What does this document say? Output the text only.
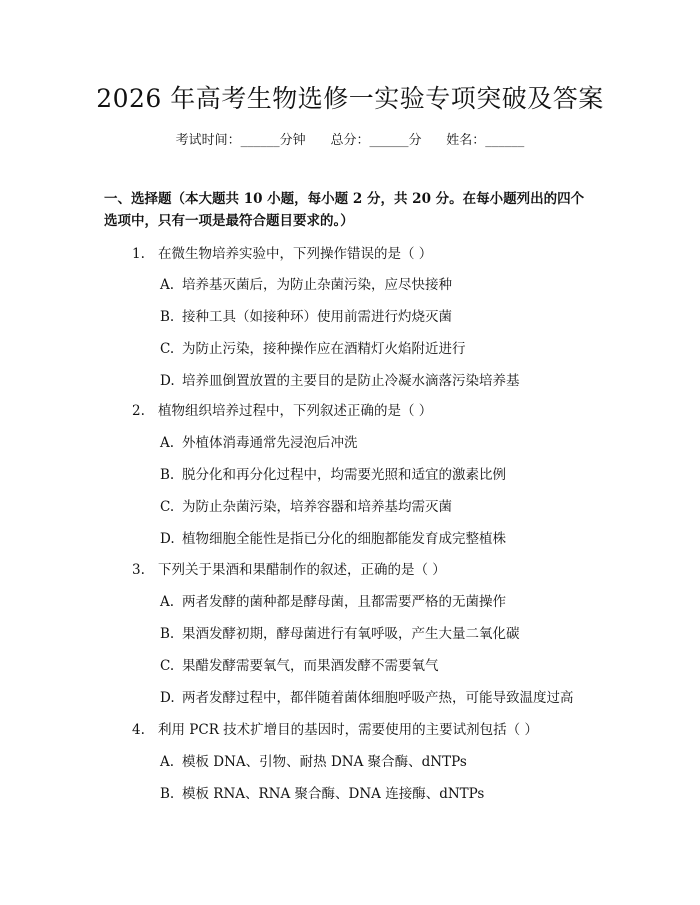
2026 年高考生物选修一实验专项突破及答案
考试时间：______分钟 总分：______分 姓名：______

一、选择题（本大题共 10 小题，每小题 2 分，共 20 分。在每小题列出的四个选项中，只有一项是最符合题目要求的。）

1. 在微生物培养实验中，下列操作错误的是（ ）
A. 培养基灭菌后，为防止杂菌污染，应尽快接种
B. 接种工具（如接种环）使用前需进行灼烧灭菌
C. 为防止污染，接种操作应在酒精灯火焰附近进行
D. 培养皿倒置放置的主要目的是防止冷凝水滴落污染培养基
2. 植物组织培养过程中，下列叙述正确的是（ ）
A. 外植体消毒通常先浸泡后冲洗
B. 脱分化和再分化过程中，均需要光照和适宜的激素比例
C. 为防止杂菌污染，培养容器和培养基均需灭菌
D. 植物细胞全能性是指已分化的细胞都能发育成完整植株
3. 下列关于果酒和果醋制作的叙述，正确的是（ ）
A. 两者发酵的菌种都是酵母菌，且都需要严格的无菌操作
B. 果酒发酵初期，酵母菌进行有氧呼吸，产生大量二氧化碳
C. 果醋发酵需要氧气，而果酒发酵不需要氧气
D. 两者发酵过程中，都伴随着菌体细胞呼吸产热，可能导致温度过高
4. 利用 PCR 技术扩增目的基因时，需要使用的主要试剂包括（ ）
A. 模板 DNA、引物、耐热 DNA 聚合酶、dNTPs
B. 模板 RNA、RNA 聚合酶、DNA 连接酶、dNTPs
